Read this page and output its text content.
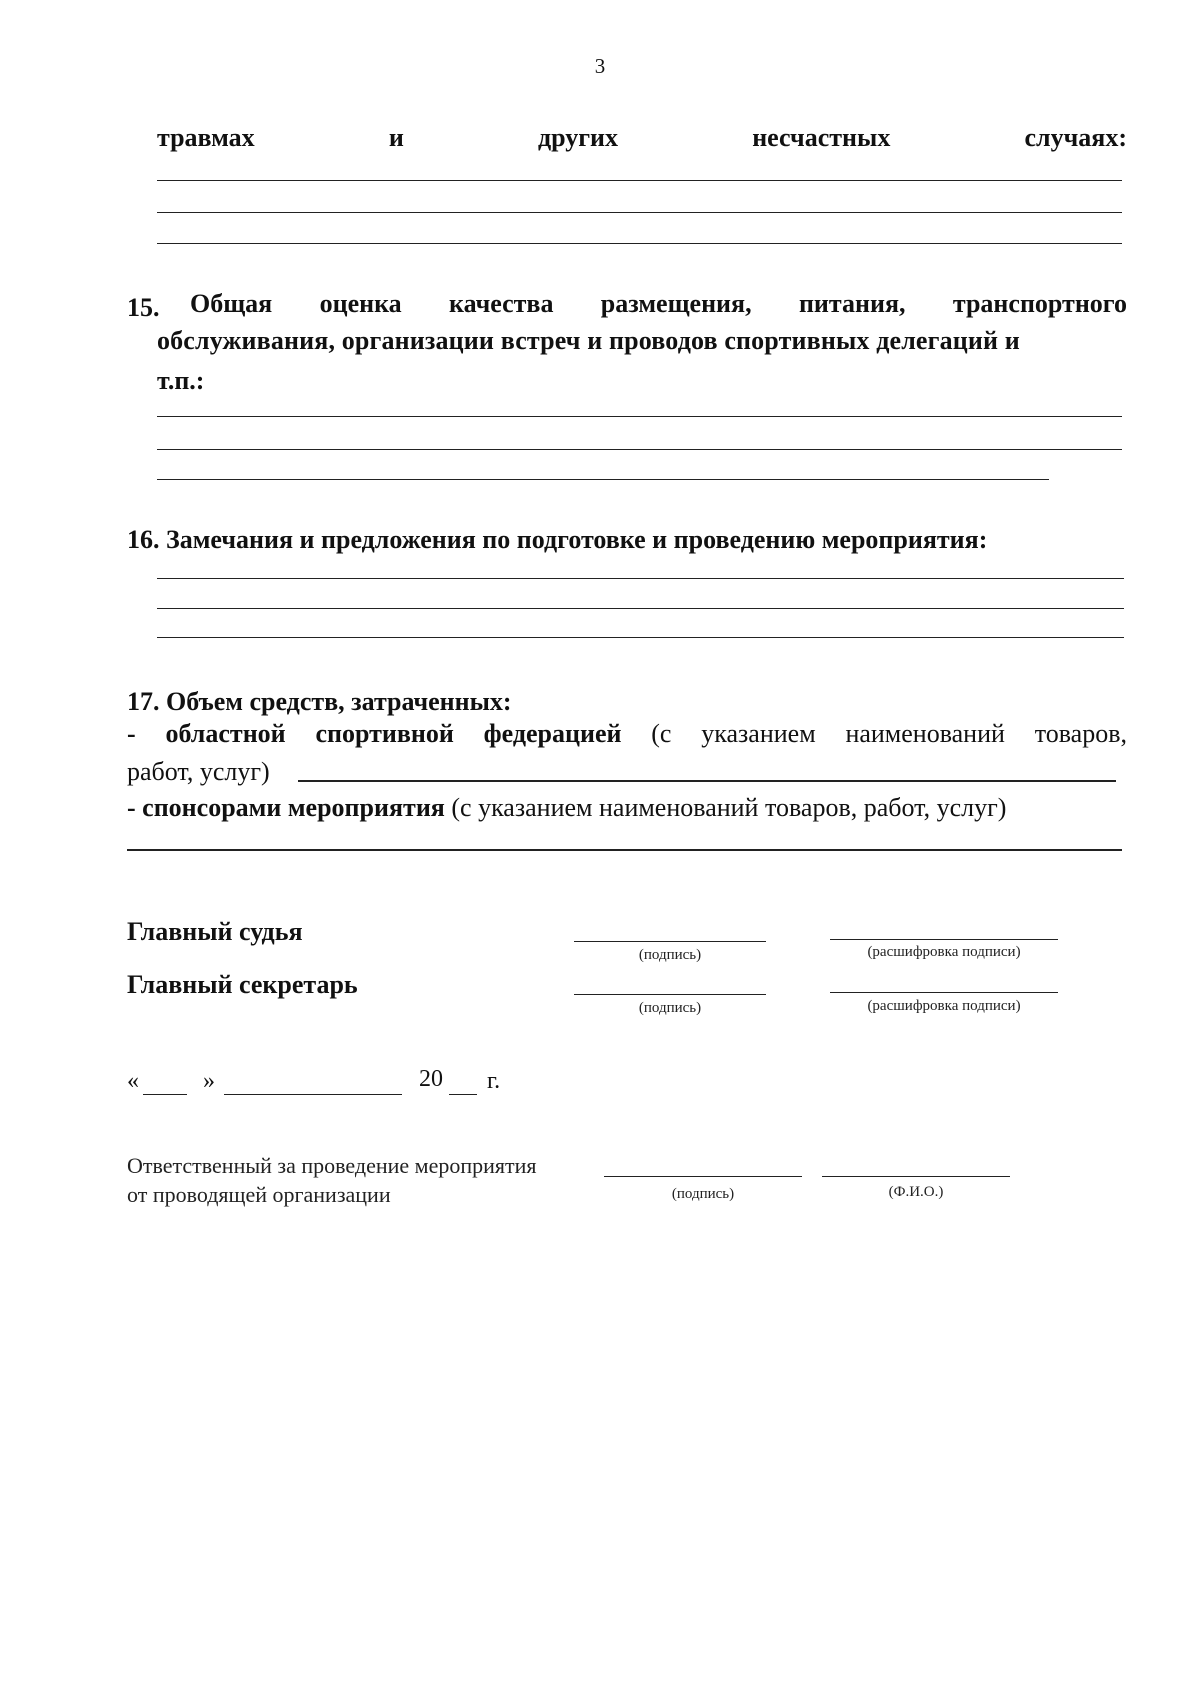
3
травмах	и	других	несчастных	случаях:
15. Общая оценка качества размещения, питания, транспортного
обслуживания, организации встреч и проводов спортивных делегаций и
т.п.:
16. Замечания и предложения по подготовке и проведению мероприятия:
17. Объем средств, затраченных:
- областной спортивной федерацией (с указанием наименований товаров,
работ, услуг)
- спонсорами мероприятия (с указанием наименований товаров, работ, услуг)
Главный судья
(подпись)	(расшифровка подписи)
Главный секретарь
(подпись)	(расшифровка подписи)
«	»	20 г.
Ответственный за проведение мероприятия
от проводящей организации	(подпись)	(Ф.И.О.)
